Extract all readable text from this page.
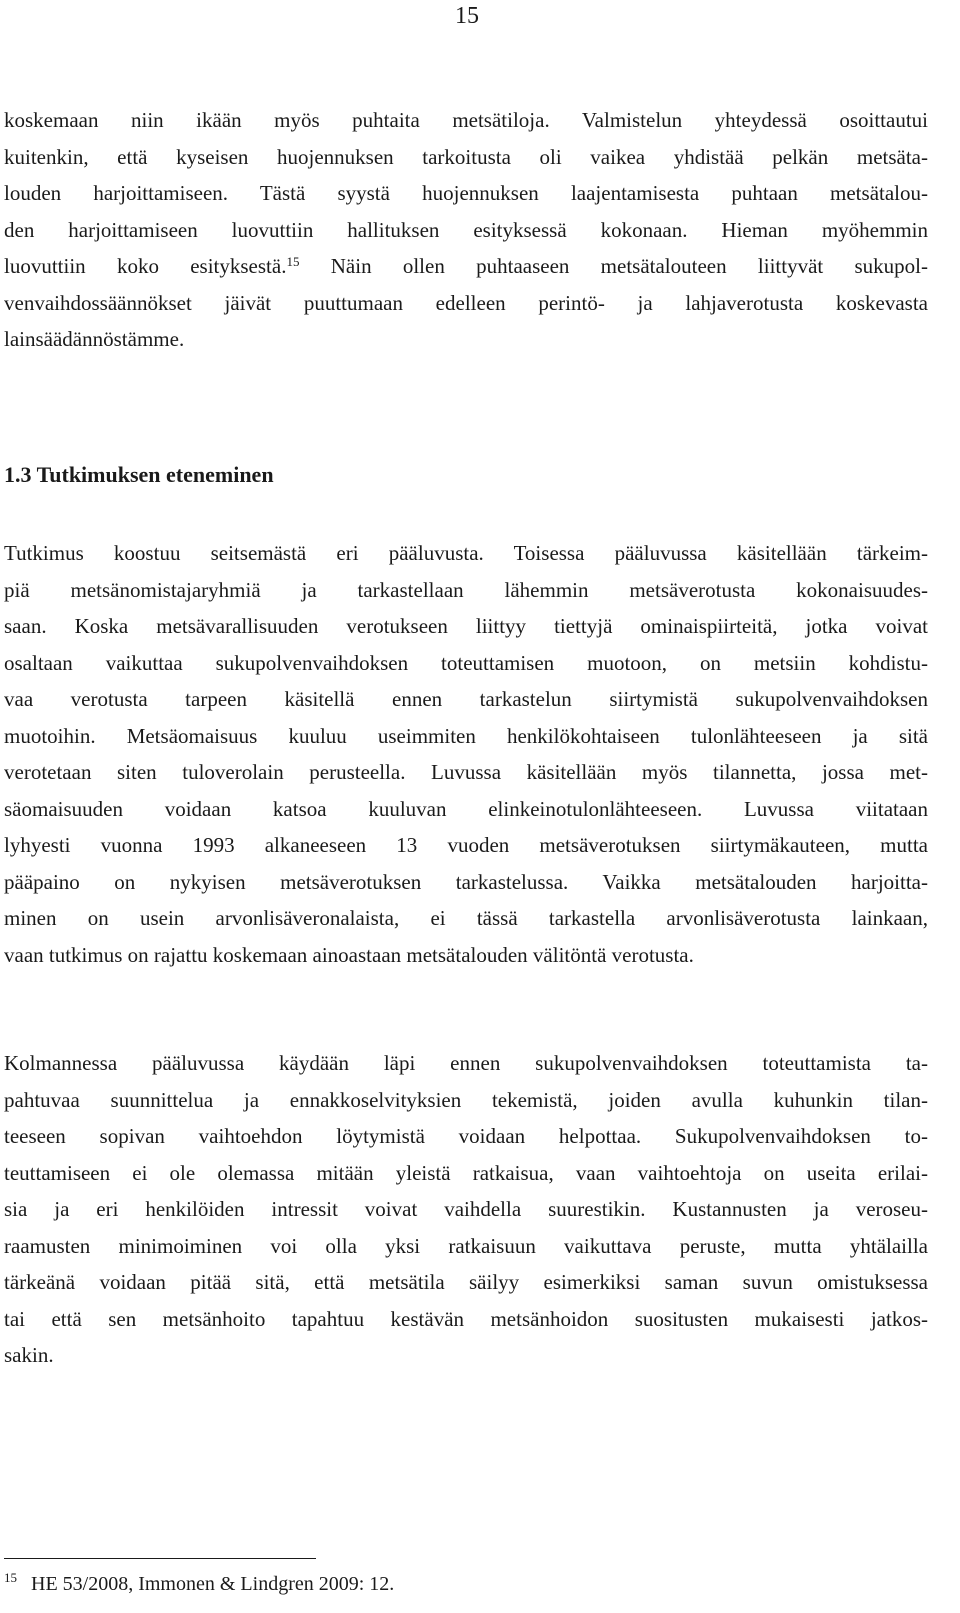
15
koskemaan niin ikään myös puhtaita metsätiloja. Valmistelun yhteydessä osoittautui
kuitenkin, että kyseisen huojennuksen tarkoitusta oli vaikea yhdistää pelkän metsäta-
louden harjoittamiseen. Tästä syystä huojennuksen laajentamisesta puhtaan metsätalou-
den harjoittamiseen luovuttiin hallituksen esityksessä kokonaan. Hieman myöhemmin
luovuttiin koko esityksestä.$^{15}$ Näin ollen puhtaaseen metsätalouteen liittyvät sukupol-
venvaihdossäännökset jäivät puuttumaan edelleen perintö- ja lahjaverotusta koskevasta
lainsäädännöstämme.
1.3 Tutkimuksen eteneminen
Tutkimus koostuu seitsemästä eri pääluvusta. Toisessa pääluvussa käsitellään tärkeim-
piä metsänomistajaryhmiä ja tarkastellaan lähemmin metsäverotusta kokonaisuudes-
saan. Koska metsävarallisuuden verotukseen liittyy tiettyjä ominaispiirteitä, jotka voivat
osaltaan vaikuttaa sukupolvenvaihdoksen toteuttamisen muotoon, on metsiin kohdistu-
vaa verotusta tarpeen käsitellä ennen tarkastelun siirtymistä sukupolvenvaihdoksen
muotoihin. Metsäomaisuus kuuluu useimmiten henkilökohtaiseen tulonlähteeseen ja sitä
verotetaan siten tuloverolain perusteella. Luvussa käsitellään myös tilannetta, jossa met-
säomaisuuden voidaan katsoa kuuluvan elinkeinotulonlähteeseen. Luvussa viitataan
lyhyesti vuonna 1993 alkaneeseen 13 vuoden metsäverotuksen siirtymäkauteen, mutta
pääpaino on nykyisen metsäverotuksen tarkastelussa. Vaikka metsätalouden harjoitta-
minen on usein arvonlisäveronalaista, ei tässä tarkastella arvonlisäverotusta lainkaan,
vaan tutkimus on rajattu koskemaan ainoastaan metsätalouden välitöntä verotusta.
Kolmannessa pääluvussa käydään läpi ennen sukupolvenvaihdoksen toteuttamista ta-
pahtuvaa suunnittelua ja ennakkoselvityksien tekemistä, joiden avulla kuhunkin tilan-
teeseen sopivan vaihtoehdon löytymistä voidaan helpottaa. Sukupolvenvaihdoksen to-
teuttamiseen ei ole olemassa mitään yleistä ratkaisua, vaan vaihtoehtoja on useita erilai-
sia ja eri henkilöiden intressit voivat vaihdella suurestikin. Kustannusten ja veroseu-
raamusten minimoiminen voi olla yksi ratkaisuun vaikuttava peruste, mutta yhtälailla
tärkeänä voidaan pitää sitä, että metsätila säilyy esimerkiksi saman suvun omistuksessa
tai että sen metsänhoito tapahtuu kestävän metsänhoidon suositusten mukaisesti jatkos-
sakin.
$^{15}$ HE 53/2008, Immonen & Lindgren 2009: 12.
